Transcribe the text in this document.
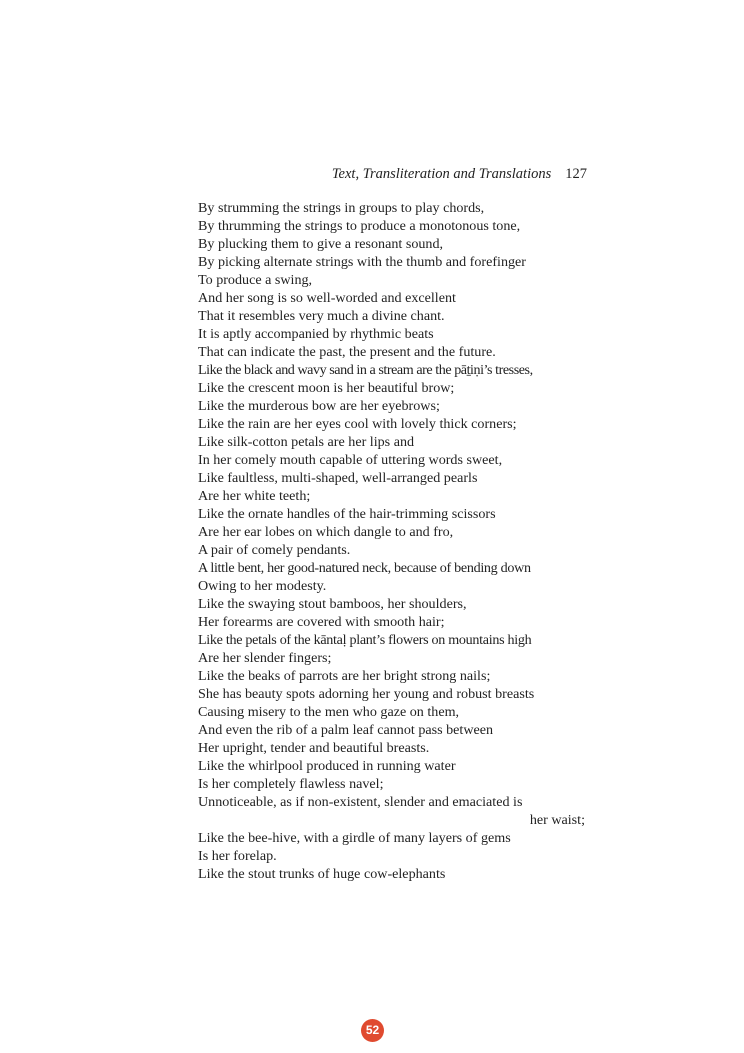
Text, Transliteration and Translations 127
By strumming the strings in groups to play chords,
By thrumming the strings to produce a monotonous tone,
By plucking them to give a resonant sound,
By picking alternate strings with the thumb and forefinger
To produce a swing,
And her song is so well-worded and excellent
That it resembles very much a divine chant.
It is aptly accompanied by rhythmic beats
That can indicate the past, the present and the future.
Like the black and wavy sand in a stream are the pāṯiṇi’s tresses,
Like the crescent moon is her beautiful brow;
Like the murderous bow are her eyebrows;
Like the rain are her eyes cool with lovely thick corners;
Like silk-cotton petals are her lips and
In her comely mouth capable of uttering words sweet,
Like faultless, multi-shaped, well-arranged pearls
Are her white teeth;
Like the ornate handles of the hair-trimming scissors
Are her ear lobes on which dangle to and fro,
A pair of comely pendants.
A little bent, her good-natured neck, because of bending down
Owing to her modesty.
Like the swaying stout bamboos, her shoulders,
Her forearms are covered with smooth hair;
Like the petals of the kāntaḷ plant’s flowers on mountains high
Are her slender fingers;
Like the beaks of parrots are her bright strong nails;
She has beauty spots adorning her young and robust breasts
Causing misery to the men who gaze on them,
And even the rib of a palm leaf cannot pass between
Her upright, tender and beautiful breasts.
Like the whirlpool produced in running water
Is her completely flawless navel;
Unnoticeable, as if non-existent, slender and emaciated is
her waist;
Like the bee-hive, with a girdle of many layers of gems
Is her forelap.
Like the stout trunks of huge cow-elephants
52
